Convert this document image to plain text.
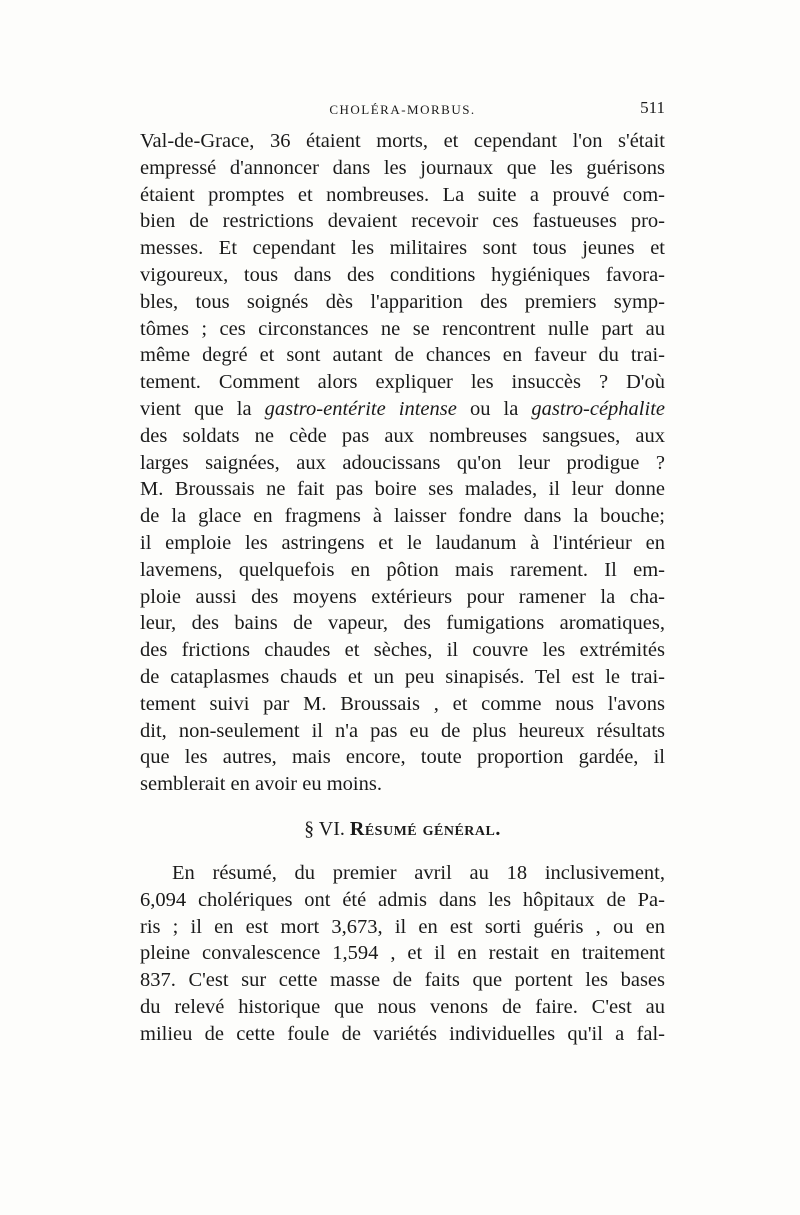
CHOLÉRA-MORBUS.	511
Val-de-Grace, 36 étaient morts, et cependant l'on s'était
empressé d'annoncer dans les journaux que les guérisons
étaient promptes et nombreuses. La suite a prouvé com-
bien de restrictions devaient recevoir ces fastueuses pro-
messes. Et cependant les militaires sont tous jeunes et
vigoureux, tous dans des conditions hygiéniques favora-
bles, tous soignés dès l'apparition des premiers symp-
tômes ; ces circonstances ne se rencontrent nulle part au
même degré et sont autant de chances en faveur du trai-
tement. Comment alors expliquer les insuccès ? D'où
vient que la gastro-entérite intense ou la gastro-céphalite
des soldats ne cède pas aux nombreuses sangsues, aux
larges saignées, aux adoucissans qu'on leur prodigue ?
M. Broussais ne fait pas boire ses malades, il leur donne
de la glace en fragmens à laisser fondre dans la bouche;
il emploie les astringens et le laudanum à l'intérieur en
lavemens, quelquefois en pôtion mais rarement. Il em-
ploie aussi des moyens extérieurs pour ramener la cha-
leur, des bains de vapeur, des fumigations aromatiques,
des frictions chaudes et sèches, il couvre les extrémités
de cataplasmes chauds et un peu sinapisés. Tel est le trai-
tement suivi par M. Broussais , et comme nous l'avons
dit, non-seulement il n'a pas eu de plus heureux résultats
que les autres, mais encore, toute proportion gardée, il
semblerait en avoir eu moins.
§ VI. Résumé général.
En résumé, du premier avril au 18 inclusivement,
6,094 cholériques ont été admis dans les hôpitaux de Pa-
ris ; il en est mort 3,673, il en est sorti guéris , ou en
pleine convalescence 1,594 , et il en restait en traitement
837. C'est sur cette masse de faits que portent les bases
du relevé historique que nous venons de faire. C'est au
milieu de cette foule de variétés individuelles qu'il a fal-
